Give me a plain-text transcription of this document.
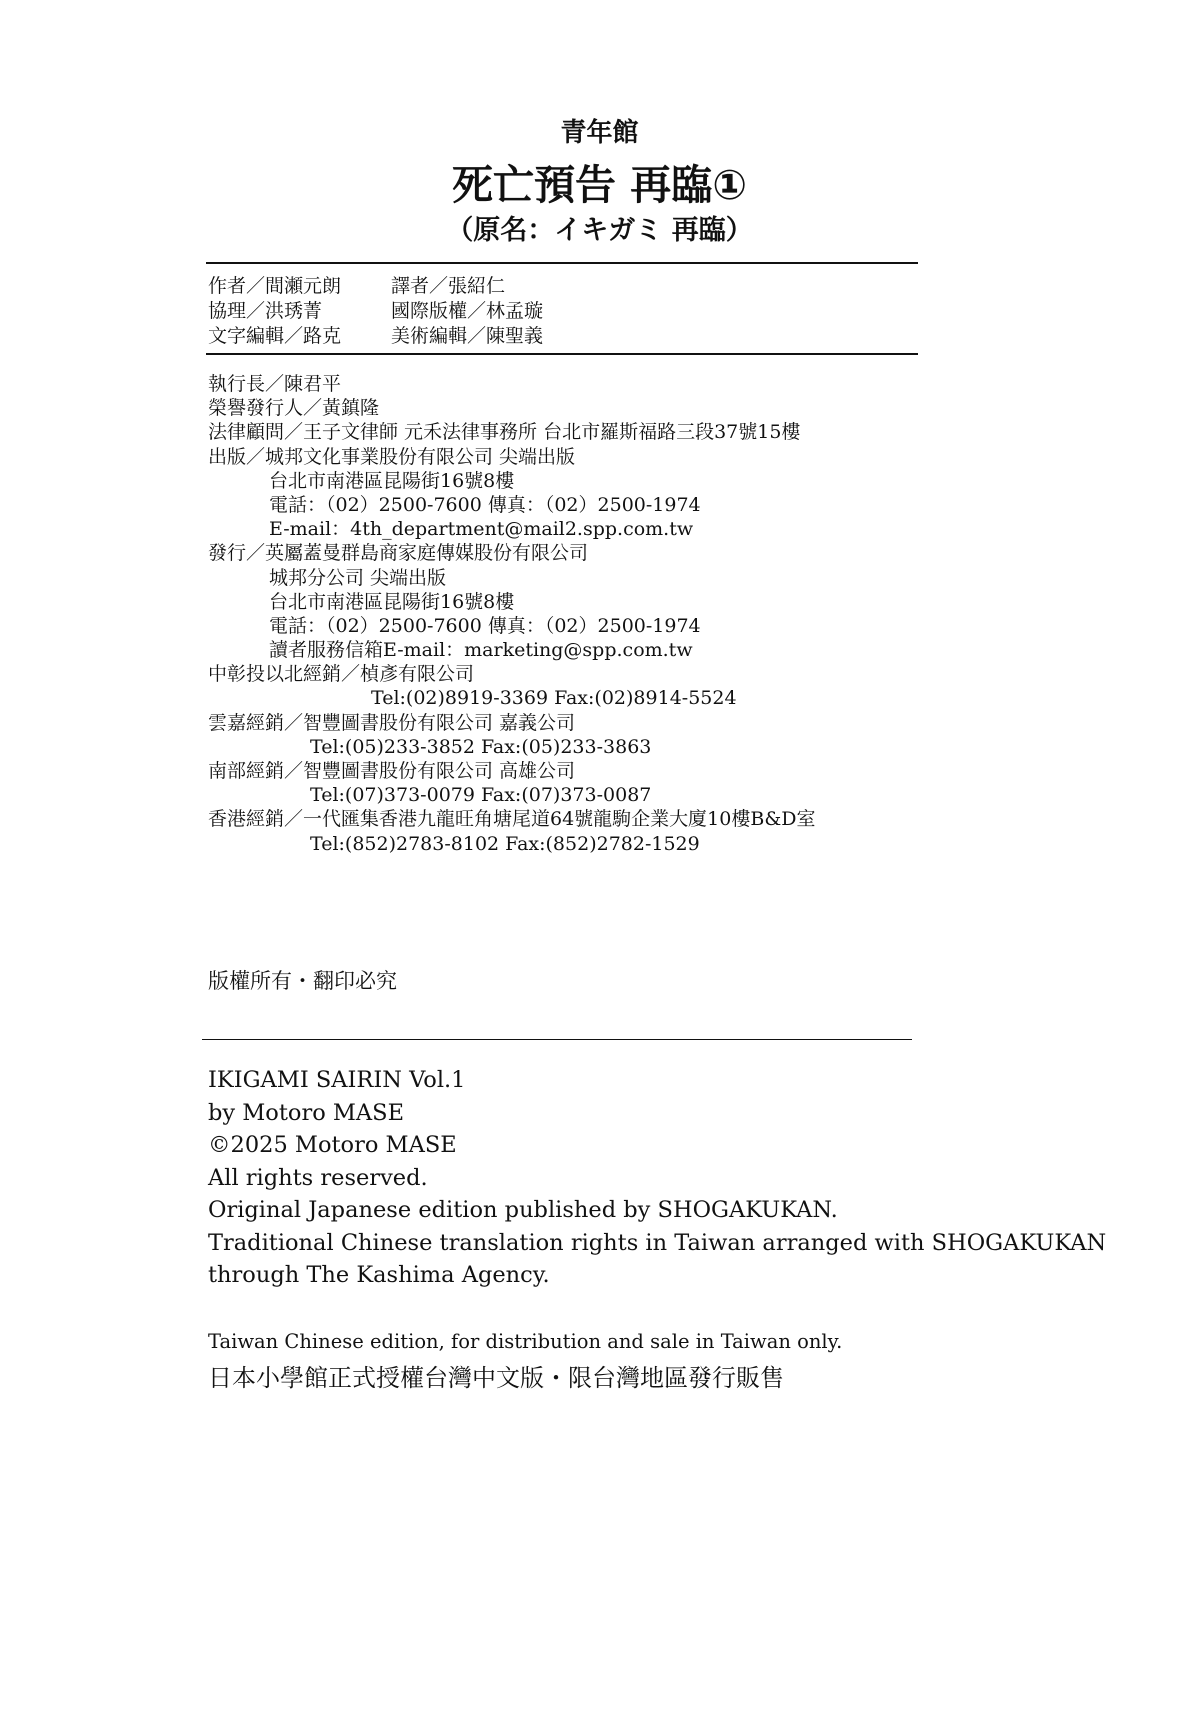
青年館
死亡預告 再臨①
（原名：イキガミ 再臨）
作者／間瀬元朗	譯者／張紹仁
協理／洪琇菁	國際版權／林孟璇
文字編輯／路克	美術編輯／陳聖義
執行長／陳君平
榮譽發行人／黃鎮隆
法律顧問／王子文律師 元禾法律事務所 台北市羅斯福路三段37號15樓
出版／城邦文化事業股份有限公司 尖端出版
台北市南港區昆陽街16號8樓
電話：（02）2500-7600 傳真：（02）2500-1974
E-mail：4th_department@mail2.spp.com.tw
發行／英屬蓋曼群島商家庭傳媒股份有限公司
城邦分公司 尖端出版
台北市南港區昆陽街16號8樓
電話：（02）2500-7600 傳真：（02）2500-1974
讀者服務信箱E-mail：marketing@spp.com.tw
中彰投以北經銷／楨彥有限公司
Tel:(02)8919-3369 Fax:(02)8914-5524
雲嘉經銷／智豐圖書股份有限公司 嘉義公司
Tel:(05)233-3852 Fax:(05)233-3863
南部經銷／智豐圖書股份有限公司 高雄公司
Tel:(07)373-0079 Fax:(07)373-0087
香港經銷／一代匯集香港九龍旺角塘尾道64號龍駒企業大廈10樓B&D室
Tel:(852)2783-8102 Fax:(852)2782-1529
版權所有・翻印必究
IKIGAMI SAIRIN Vol.1
by Motoro MASE
©2025 Motoro MASE
All rights reserved.
Original Japanese edition published by SHOGAKUKAN.
Traditional Chinese translation rights in Taiwan arranged with SHOGAKUKAN
through The Kashima Agency.
Taiwan Chinese edition, for distribution and sale in Taiwan only.
日本小學館正式授權台灣中文版・限台灣地區發行販售
